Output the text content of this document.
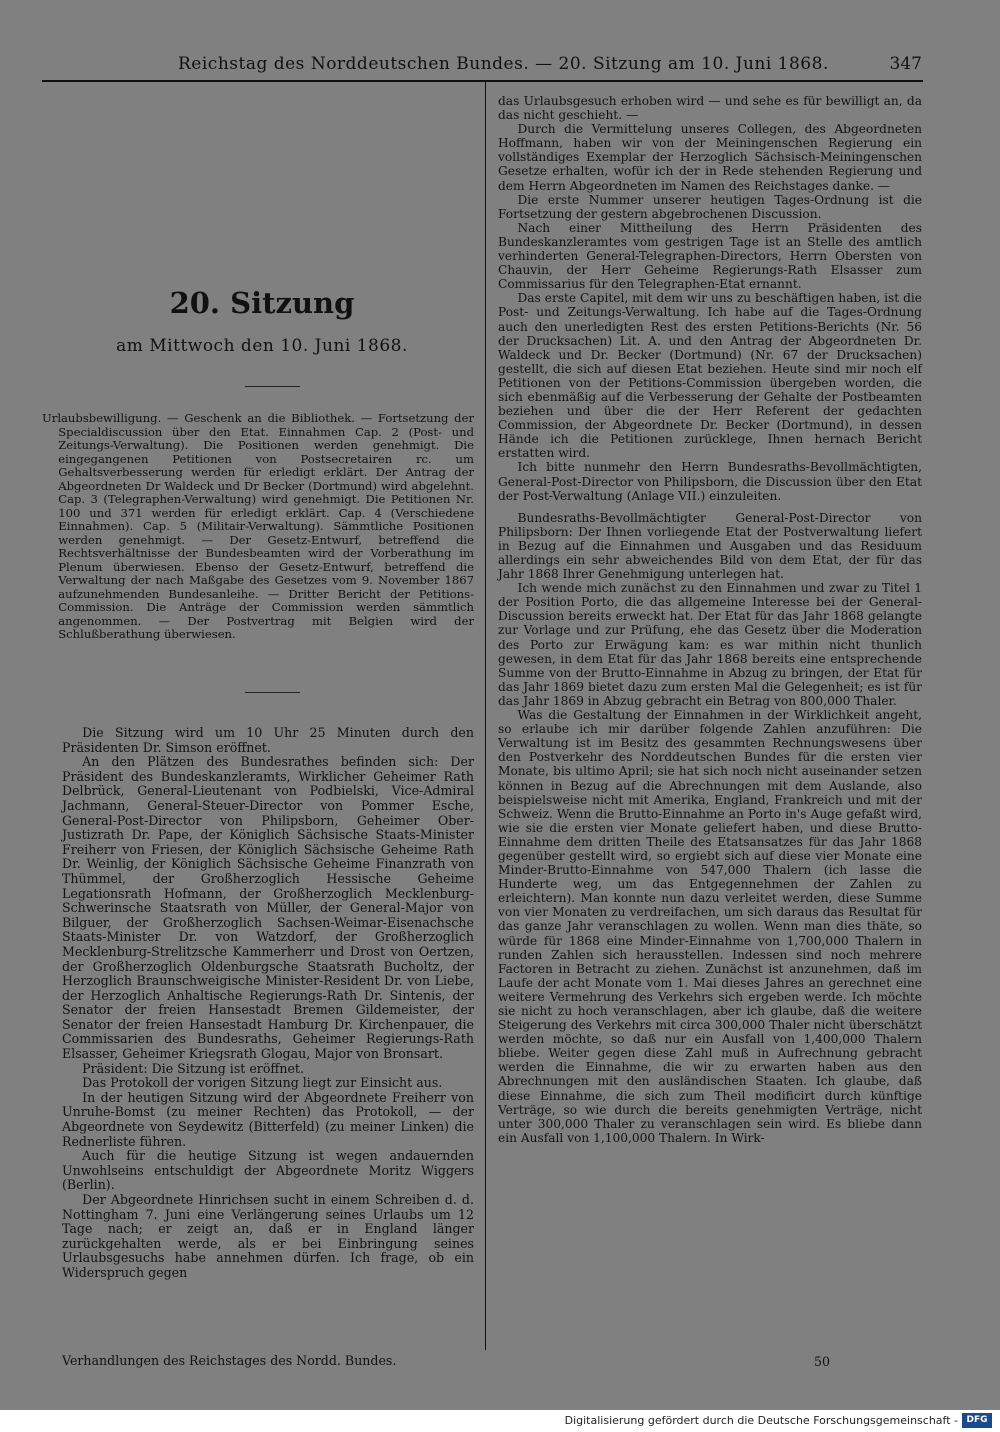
Reichstag des Norddeutschen Bundes. — 20. Sitzung am 10. Juni 1868.	347
20. Sitzung
am Mittwoch den 10. Juni 1868.

Urlaubsbewilligung. — Geschenk an die Bibliothek. — Fortsetzung der Specialdiscussion über den Etat. Einnahmen Cap. 2 (Post- und Zeitungs-Verwaltung). Die Positionen werden genehmigt. Die eingegangenen Petitionen von Postsecretairen rc. um Gehaltsverbesserung werden für erledigt erklärt. Der Antrag der Abgeordneten Dr Waldeck und Dr Becker (Dortmund) wird abgelehnt. Cap. 3 (Telegraphen-Verwaltung) wird genehmigt. Die Petitionen Nr. 100 und 371 werden für erledigt erklärt. Cap. 4 (Verschiedene Einnahmen). Cap. 5 (Militair-Verwaltung). Sämmtliche Positionen werden genehmigt. — Der Gesetz-Entwurf, betreffend die Rechtsverhältnisse der Bundesbeamten wird der Vorberathung im Plenum überwiesen. Ebenso der Gesetz-Entwurf, betreffend die Verwaltung der nach Maßgabe des Gesetzes vom 9. November 1867 aufzunehmenden Bundesanleihe. — Dritter Bericht der Petitions-Commission. Die Anträge der Commission werden sämmtlich angenommen. — Der Postvertrag mit Belgien wird der Schlußberathung überwiesen.

Die Sitzung wird um 10 Uhr 25 Minuten durch den Präsidenten Dr. Simson eröffnet.

An den Plätzen des Bundesrathes befinden sich: Der Präsident des Bundeskanzleramts, Wirklicher Geheimer Rath Delbrück, General-Lieutenant von Podbielski, Vice-Admiral Jachmann, General-Steuer-Director von Pommer Esche, General-Post-Director von Philipsborn, Geheimer Ober-Justizrath Dr. Pape, der Königlich Sächsische Staats-Minister Freiherr von Friesen, der Königlich Sächsische Geheime Rath Dr. Weinlig, der Königlich Sächsische Geheime Finanzrath von Thümmel, der Großherzoglich Hessische Geheime Legationsrath Hofmann, der Großherzoglich Mecklenburg-Schwerinsche Staatsrath von Müller, der General-Major von Bilguer, der Großherzoglich Sachsen-Weimar-Eisenachsche Staats-Minister Dr. von Watzdorf, der Großherzoglich Mecklenburg-Strelitzsche Kammerherr und Drost von Oertzen, der Großherzoglich Oldenburgsche Staatsrath Bucholtz, der Herzoglich Braunschweigische Minister-Resident Dr. von Liebe, der Herzoglich Anhaltische Regierungs-Rath Dr. Sintenis, der Senator der freien Hansestadt Bremen Gildemeister, der Senator der freien Hansestadt Hamburg Dr. Kirchenpauer, die Commissarien des Bundesraths, Geheimer Regierungs-Rath Elsasser, Geheimer Kriegsrath Glogau, Major von Bronsart.

Präsident: Die Sitzung ist eröffnet.

Das Protokoll der vorigen Sitzung liegt zur Einsicht aus.

In der heutigen Sitzung wird der Abgeordnete Freiherr von Unruhe-Bomst (zu meiner Rechten) das Protokoll, — der Abgeordnete von Seydewitz (Bitterfeld) (zu meiner Linken) die Rednerliste führen.

Auch für die heutige Sitzung ist wegen andauernden Unwohlseins entschuldigt der Abgeordnete Moritz Wiggers (Berlin).

Der Abgeordnete Hinrichsen sucht in einem Schreiben d. d. Nottingham 7. Juni eine Verlängerung seines Urlaubs um 12 Tage nach; er zeigt an, daß er in England länger zurückgehalten werde, als er bei Einbringung seines Urlaubsgesuchs habe annehmen dürfen. Ich frage, ob ein Widerspruch gegen

das Urlaubsgesuch erhoben wird — und sehe es für bewilligt an, da das nicht geschieht. —

Durch die Vermittelung unseres Collegen, des Abgeordneten Hoffmann, haben wir von der Meiningenschen Regierung ein vollständiges Exemplar der Herzoglich Sächsisch-Meiningenschen Gesetze erhalten, wofür ich der in Rede stehenden Regierung und dem Herrn Abgeordneten im Namen des Reichstages danke. —

Die erste Nummer unserer heutigen Tages-Ordnung ist die Fortsetzung der gestern abgebrochenen Discussion.

Nach einer Mittheilung des Herrn Präsidenten des Bundeskanzleramtes vom gestrigen Tage ist an Stelle des amtlich verhinderten General-Telegraphen-Directors, Herrn Obersten von Chauvin, der Herr Geheime Regierungs-Rath Elsasser zum Commissarius für den Telegraphen-Etat ernannt.

Das erste Capitel, mit dem wir uns zu beschäftigen haben, ist die Post- und Zeitungs-Verwaltung. Ich habe auf die Tages-Ordnung auch den unerledigten Rest des ersten Petitions-Berichts (Nr. 56 der Drucksachen) Lit. A. und den Antrag der Abgeordneten Dr. Waldeck und Dr. Becker (Dortmund) (Nr. 67 der Drucksachen) gestellt, die sich auf diesen Etat beziehen. Heute sind mir noch elf Petitionen von der Petitions-Commission übergeben worden, die sich ebenmäßig auf die Verbesserung der Gehalte der Postbeamten beziehen und über die der Herr Referent der gedachten Commission, der Abgeordnete Dr. Becker (Dortmund), in dessen Hände ich die Petitionen zurücklege, Ihnen hernach Bericht erstatten wird.

Ich bitte nunmehr den Herrn Bundesraths-Bevollmächtigten, General-Post-Director von Philipsborn, die Discussion über den Etat der Post-Verwaltung (Anlage VII.) einzuleiten.

Bundesraths-Bevollmächtigter General-Post-Director von Philipsborn: Der Ihnen vorliegende Etat der Postverwaltung liefert in Bezug auf die Einnahmen und Ausgaben und das Residuum allerdings ein sehr abweichendes Bild von dem Etat, der für das Jahr 1868 Ihrer Genehmigung unterlegen hat.

Ich wende mich zunächst zu den Einnahmen und zwar zu Titel 1 der Position Porto, die das allgemeine Interesse bei der General-Discussion bereits erweckt hat. Der Etat für das Jahr 1868 gelangte zur Vorlage und zur Prüfung, ehe das Gesetz über die Moderation des Porto zur Erwägung kam: es war mithin nicht thunlich gewesen, in dem Etat für das Jahr 1868 bereits eine entsprechende Summe von der Brutto-Einnahme in Abzug zu bringen, der Etat für das Jahr 1869 bietet dazu zum ersten Mal die Gelegenheit; es ist für das Jahr 1869 in Abzug gebracht ein Betrag von 800,000 Thaler.

Was die Gestaltung der Einnahmen in der Wirklichkeit angeht, so erlaube ich mir darüber folgende Zahlen anzuführen: Die Verwaltung ist im Besitz des gesammten Rechnungswesens über den Postverkehr des Norddeutschen Bundes für die ersten vier Monate, bis ultimo April; sie hat sich noch nicht auseinander setzen können in Bezug auf die Abrechnungen mit dem Auslande, also beispielsweise nicht mit Amerika, England, Frankreich und mit der Schweiz. Wenn die Brutto-Einnahme an Porto in's Auge gefaßt wird, wie sie die ersten vier Monate geliefert haben, und diese Brutto-Einnahme dem dritten Theile des Etatsansatzes für das Jahr 1868 gegenüber gestellt wird, so ergiebt sich auf diese vier Monate eine Minder-Brutto-Einnahme von 547,000 Thalern (ich lasse die Hunderte weg, um das Entgegennehmen der Zahlen zu erleichtern). Man konnte nun dazu verleitet werden, diese Summe von vier Monaten zu verdreifachen, um sich daraus das Resultat für das ganze Jahr veranschlagen zu wollen. Wenn man dies thäte, so würde für 1868 eine Minder-Einnahme von 1,700,000 Thalern in runden Zahlen sich herausstellen. Indessen sind noch mehrere Factoren in Betracht zu ziehen. Zunächst ist anzunehmen, daß im Laufe der acht Monate vom 1. Mai dieses Jahres an gerechnet eine weitere Vermehrung des Verkehrs sich ergeben werde. Ich möchte sie nicht zu hoch veranschlagen, aber ich glaube, daß die weitere Steigerung des Verkehrs mit circa 300,000 Thaler nicht überschätzt werden möchte, so daß nur ein Ausfall von 1,400,000 Thalern bliebe. Weiter gegen diese Zahl muß in Aufrechnung gebracht werden die Einnahme, die wir zu erwarten haben aus den Abrechnungen mit den ausländischen Staaten. Ich glaube, daß diese Einnahme, die sich zum Theil modificirt durch künftige Verträge, so wie durch die bereits genehmigten Verträge, nicht unter 300,000 Thaler zu veranschlagen sein wird. Es bliebe dann ein Ausfall von 1,100,000 Thalern. In Wirk-

Verhandlungen des Reichstages des Nordd. Bundes.	50
Digitalisierung gefördert durch die Deutsche Forschungsgemeinschaft - DFG
